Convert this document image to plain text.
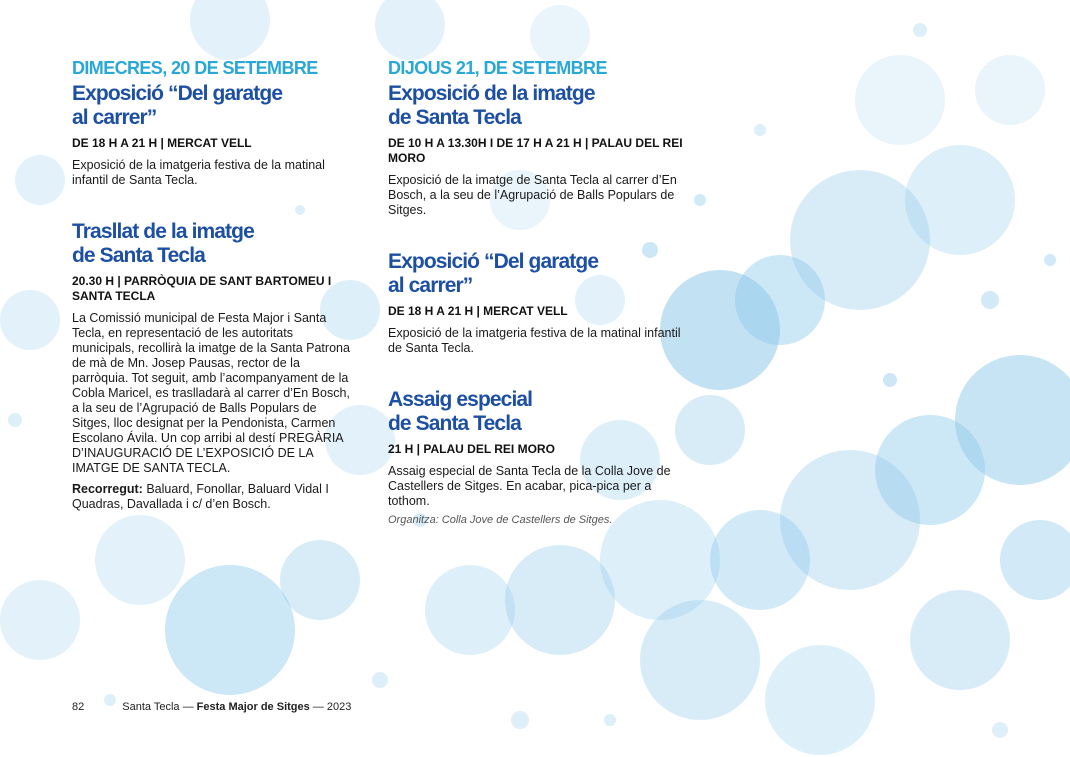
DIMECRES, 20 DE SETEMBRE
Exposició “Del garatge
al carrer”
DE 18 H A 21 H | MERCAT VELL

Exposició de la imatgeria festiva de la matinal infantil de Santa Tecla.

Trasllat de la imatge
de Santa Tecla
20.30 H | PARRÒQUIA DE SANT BARTOMEU I SANTA TECLA

La Comissió municipal de Festa Major i Santa Tecla, en representació de les autoritats municipals, recollirà la imatge de la Santa Patrona de mà de Mn. Josep Pausas, rector de la parròquia. Tot seguit, amb l’acompanyament de la Cobla Maricel, es traslladarà al carrer d’En Bosch, a la seu de l’Agrupació de Balls Populars de Sitges, lloc designat per la Pendonista, Carmen Escolano Ávila. Un cop arribi al destí PREGÀRIA D’INAUGURACIÓ DE L’EXPOSICIÓ DE LA IMATGE DE SANTA TECLA.

Recorregut: Baluard, Fonollar, Baluard Vidal I Quadras, Davallada i c/ d’en Bosch.

DIJOUS 21, DE SETEMBRE
Exposició de la imatge
de Santa Tecla
DE 10 H A 13.30H I DE 17 H A 21 H | PALAU DEL REI MORO

Exposició de la imatge de Santa Tecla al carrer d’En Bosch, a la seu de l’Agrupació de Balls Populars de Sitges.

Exposició “Del garatge
al carrer”
DE 18 H A 21 H | MERCAT VELL

Exposició de la imatgeria festiva de la matinal infantil de Santa Tecla.

Assaig especial
de Santa Tecla
21 H | PALAU DEL REI MORO

Assaig especial de Santa Tecla de la Colla Jove de Castellers de Sitges. En acabar, pica-pica per a tothom.

Organitza: Colla Jove de Castellers de Sitges.

82	Santa Tecla — Festa Major de Sitges — 2023
